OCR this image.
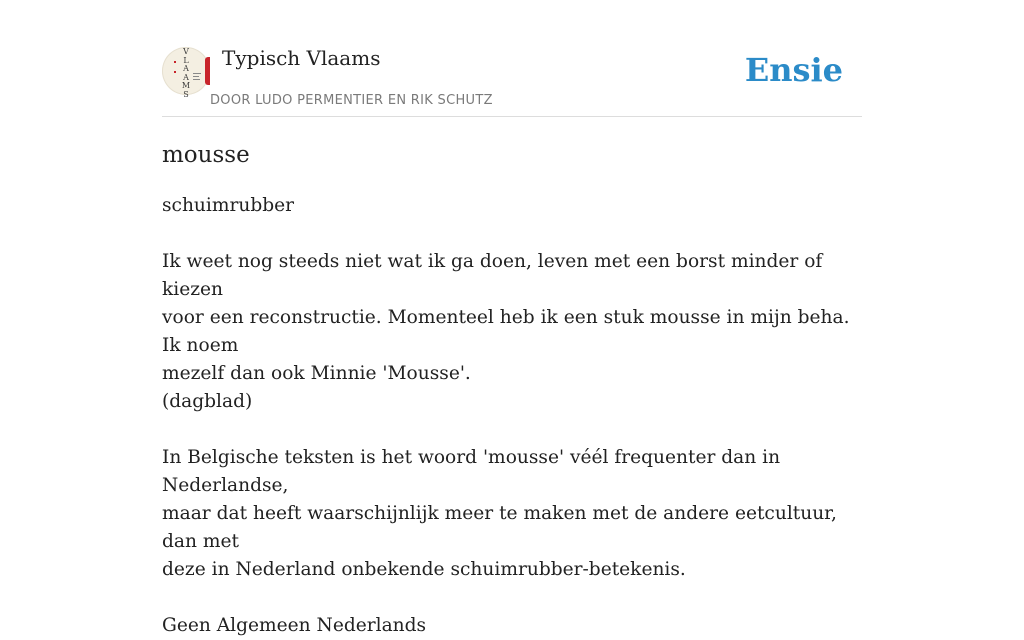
V
L
A
A
M
S
Typisch Vlaams
DOOR LUDO PERMENTIER EN RIK SCHUTZ
Ensie
mousse

schuimrubber

Ik weet nog steeds niet wat ik ga doen, leven met een borst minder of kiezen

voor een reconstructie. Momenteel heb ik een stuk mousse in mijn beha. Ik noem

mezelf dan ook Minnie 'Mousse'.

(dagblad)

In Belgische teksten is het woord 'mousse' véél frequenter dan in Nederlandse,

maar dat heeft waarschijnlijk meer te maken met de andere eetcultuur, dan met

deze in Nederland onbekende schuimrubber-betekenis.

Geen Algemeen Nederlands
